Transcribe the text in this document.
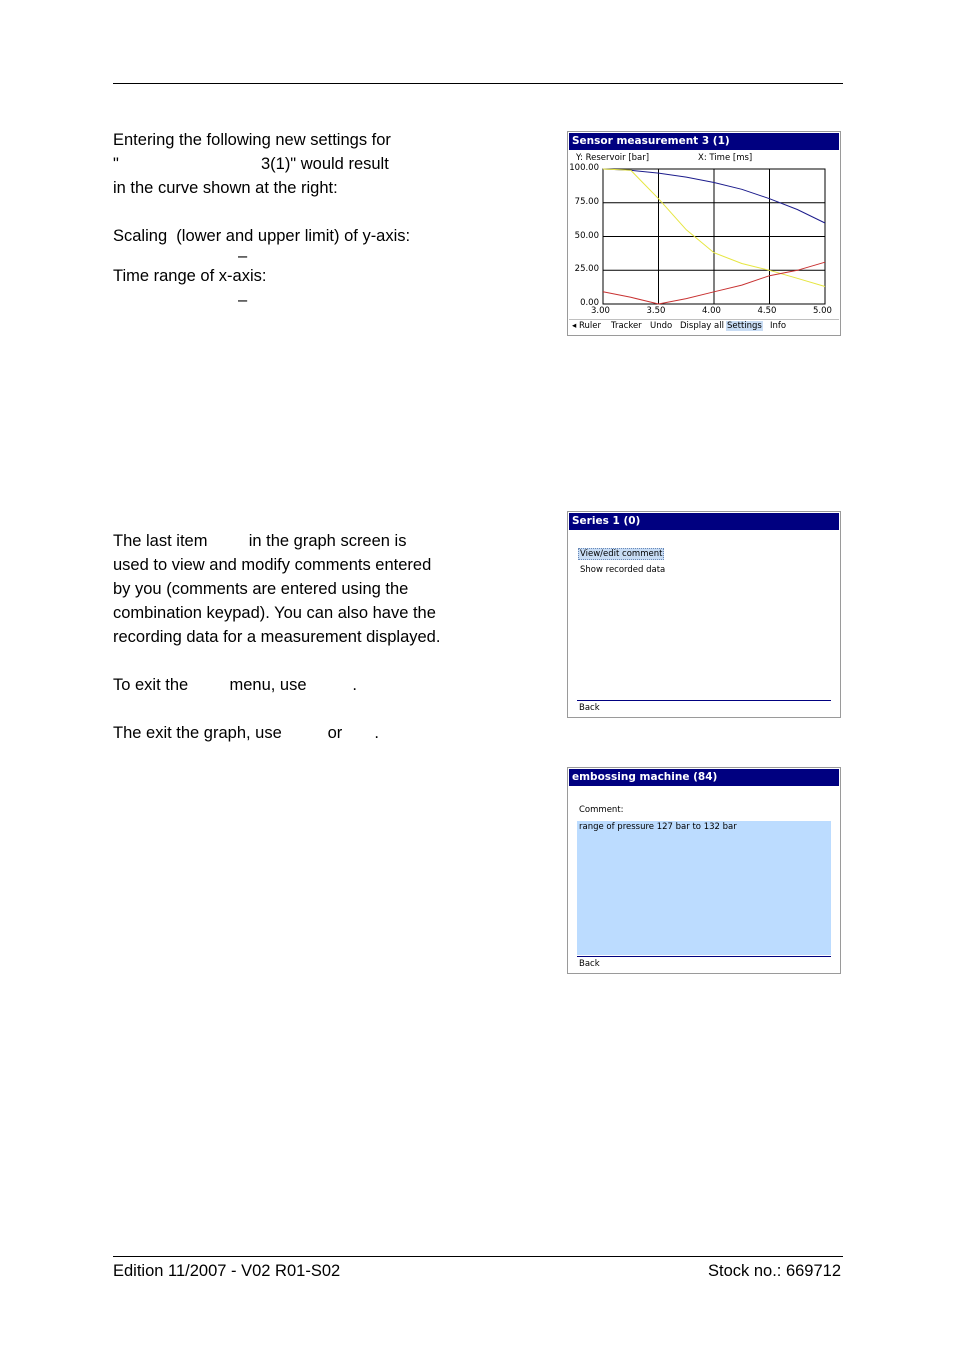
Entering the following new settings for
"                               3(1)" would result
in the curve shown at the right:
Scaling  (lower and upper limit) of y-axis:
–
Time range of x-axis:
–
Sensor measurement 3 (1)
Y: Reservoir [bar]	X: Time [ms]
◂ Ruler Tracker Undo Display all Settings Info
3.00	3.50	4.00	4.50	5.00
0.00
25.00
50.00
75.00
100.00
The last item         in the graph screen is
used to view and modify comments entered
by you (comments are entered using the
combination keypad). You can also have the
recording data for a measurement displayed.
To exit the         menu, use          .
The exit the graph, use          or       .
Series 1 (0)
View/edit comment
Show recorded data
Back
embossing machine (84)
Comment:
range of pressure 127 bar to 132 bar
Back
Edition 11/2007 - V02 R01-S02	Stock no.: 669712
